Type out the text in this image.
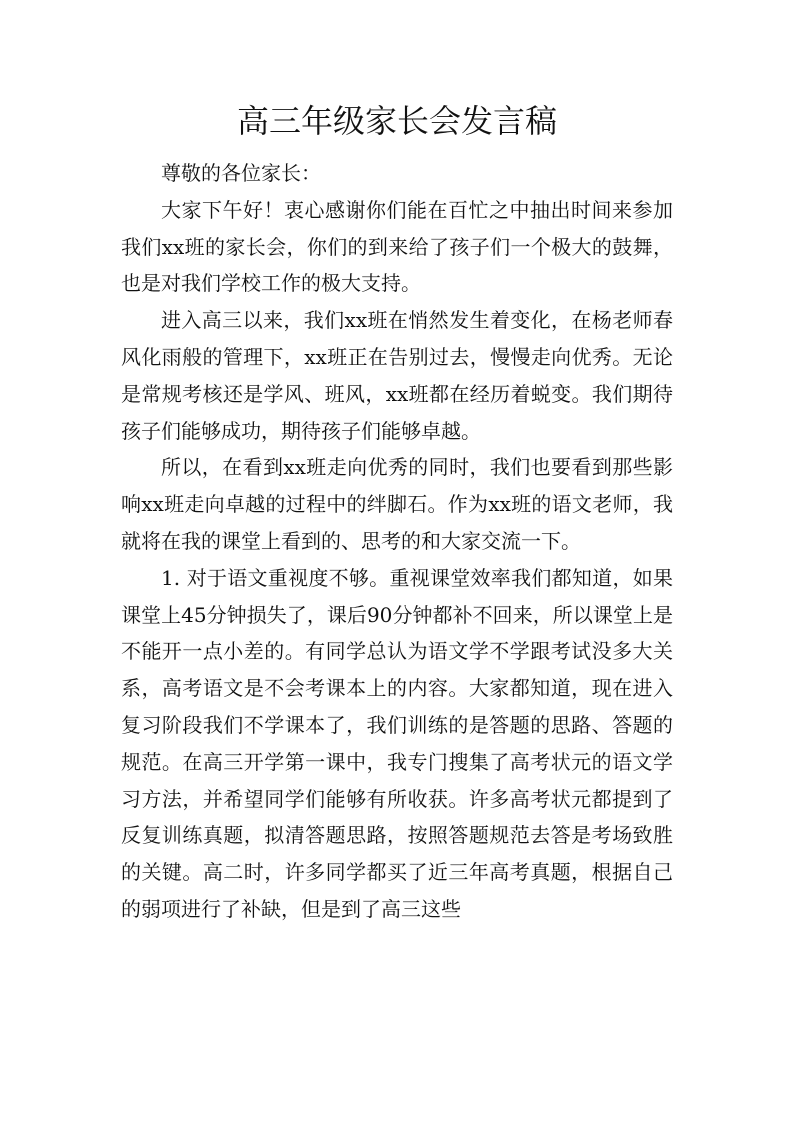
高三年级家长会发言稿

尊敬的各位家长：

大家下午好！衷心感谢你们能在百忙之中抽出时间来参加我们xx班的家长会，你们的到来给了孩子们一个极大的鼓舞，也是对我们学校工作的极大支持。

进入高三以来，我们xx班在悄然发生着变化，在杨老师春风化雨般的管理下，xx班正在告别过去，慢慢走向优秀。无论是常规考核还是学风、班风，xx班都在经历着蜕变。我们期待孩子们能够成功，期待孩子们能够卓越。

所以，在看到xx班走向优秀的同时，我们也要看到那些影响xx班走向卓越的过程中的绊脚石。作为xx班的语文老师，我就将在我的课堂上看到的、思考的和大家交流一下。

1. 对于语文重视度不够。重视课堂效率我们都知道，如果课堂上45分钟损失了，课后90分钟都补不回来，所以课堂上是不能开一点小差的。有同学总认为语文学不学跟考试没多大关系，高考语文是不会考课本上的内容。大家都知道，现在进入复习阶段我们不学课本了，我们训练的是答题的思路、答题的规范。在高三开学第一课中，我专门搜集了高考状元的语文学习方法，并希望同学们能够有所收获。许多高考状元都提到了反复训练真题，拟清答题思路，按照答题规范去答是考场致胜的关键。高二时，许多同学都买了近三年高考真题，根据自己的弱项进行了补缺，但是到了高三这些
